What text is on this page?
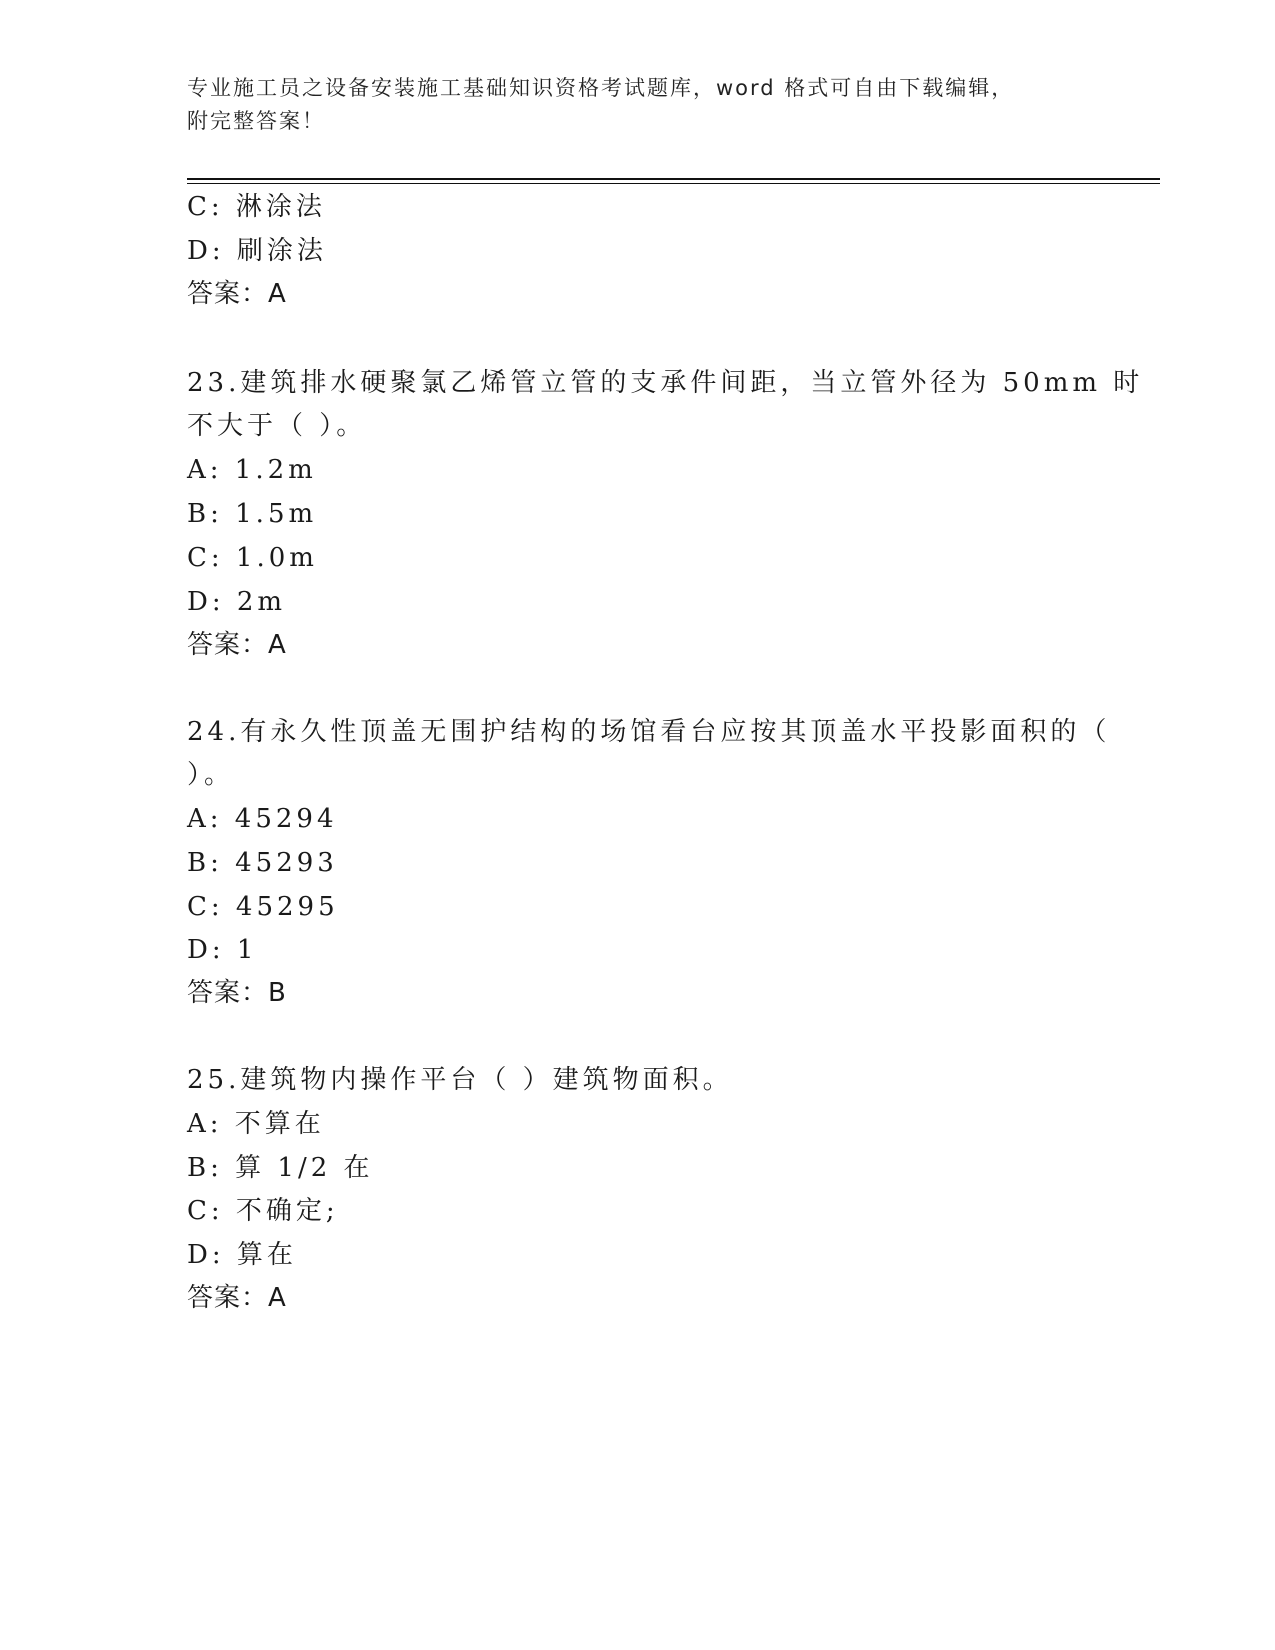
专业施工员之设备安装施工基础知识资格考试题库，word 格式可自由下载编辑，
附完整答案！
C: 淋涂法
D: 刷涂法
答案：A
23.建筑排水硬聚氯乙烯管立管的支承件间距，当立管外径为 50mm 时
不大于（ ）。
A: 1.2m
B: 1.5m
C: 1.0m
D: 2m
答案：A
24.有永久性顶盖无围护结构的场馆看台应按其顶盖水平投影面积的（
）。
A: 45294
B: 45293
C: 45295
D: 1
答案：B
25.建筑物内操作平台（ ）建筑物面积。
A: 不算在
B: 算 1/2 在
C: 不确定;
D: 算在
答案：A
